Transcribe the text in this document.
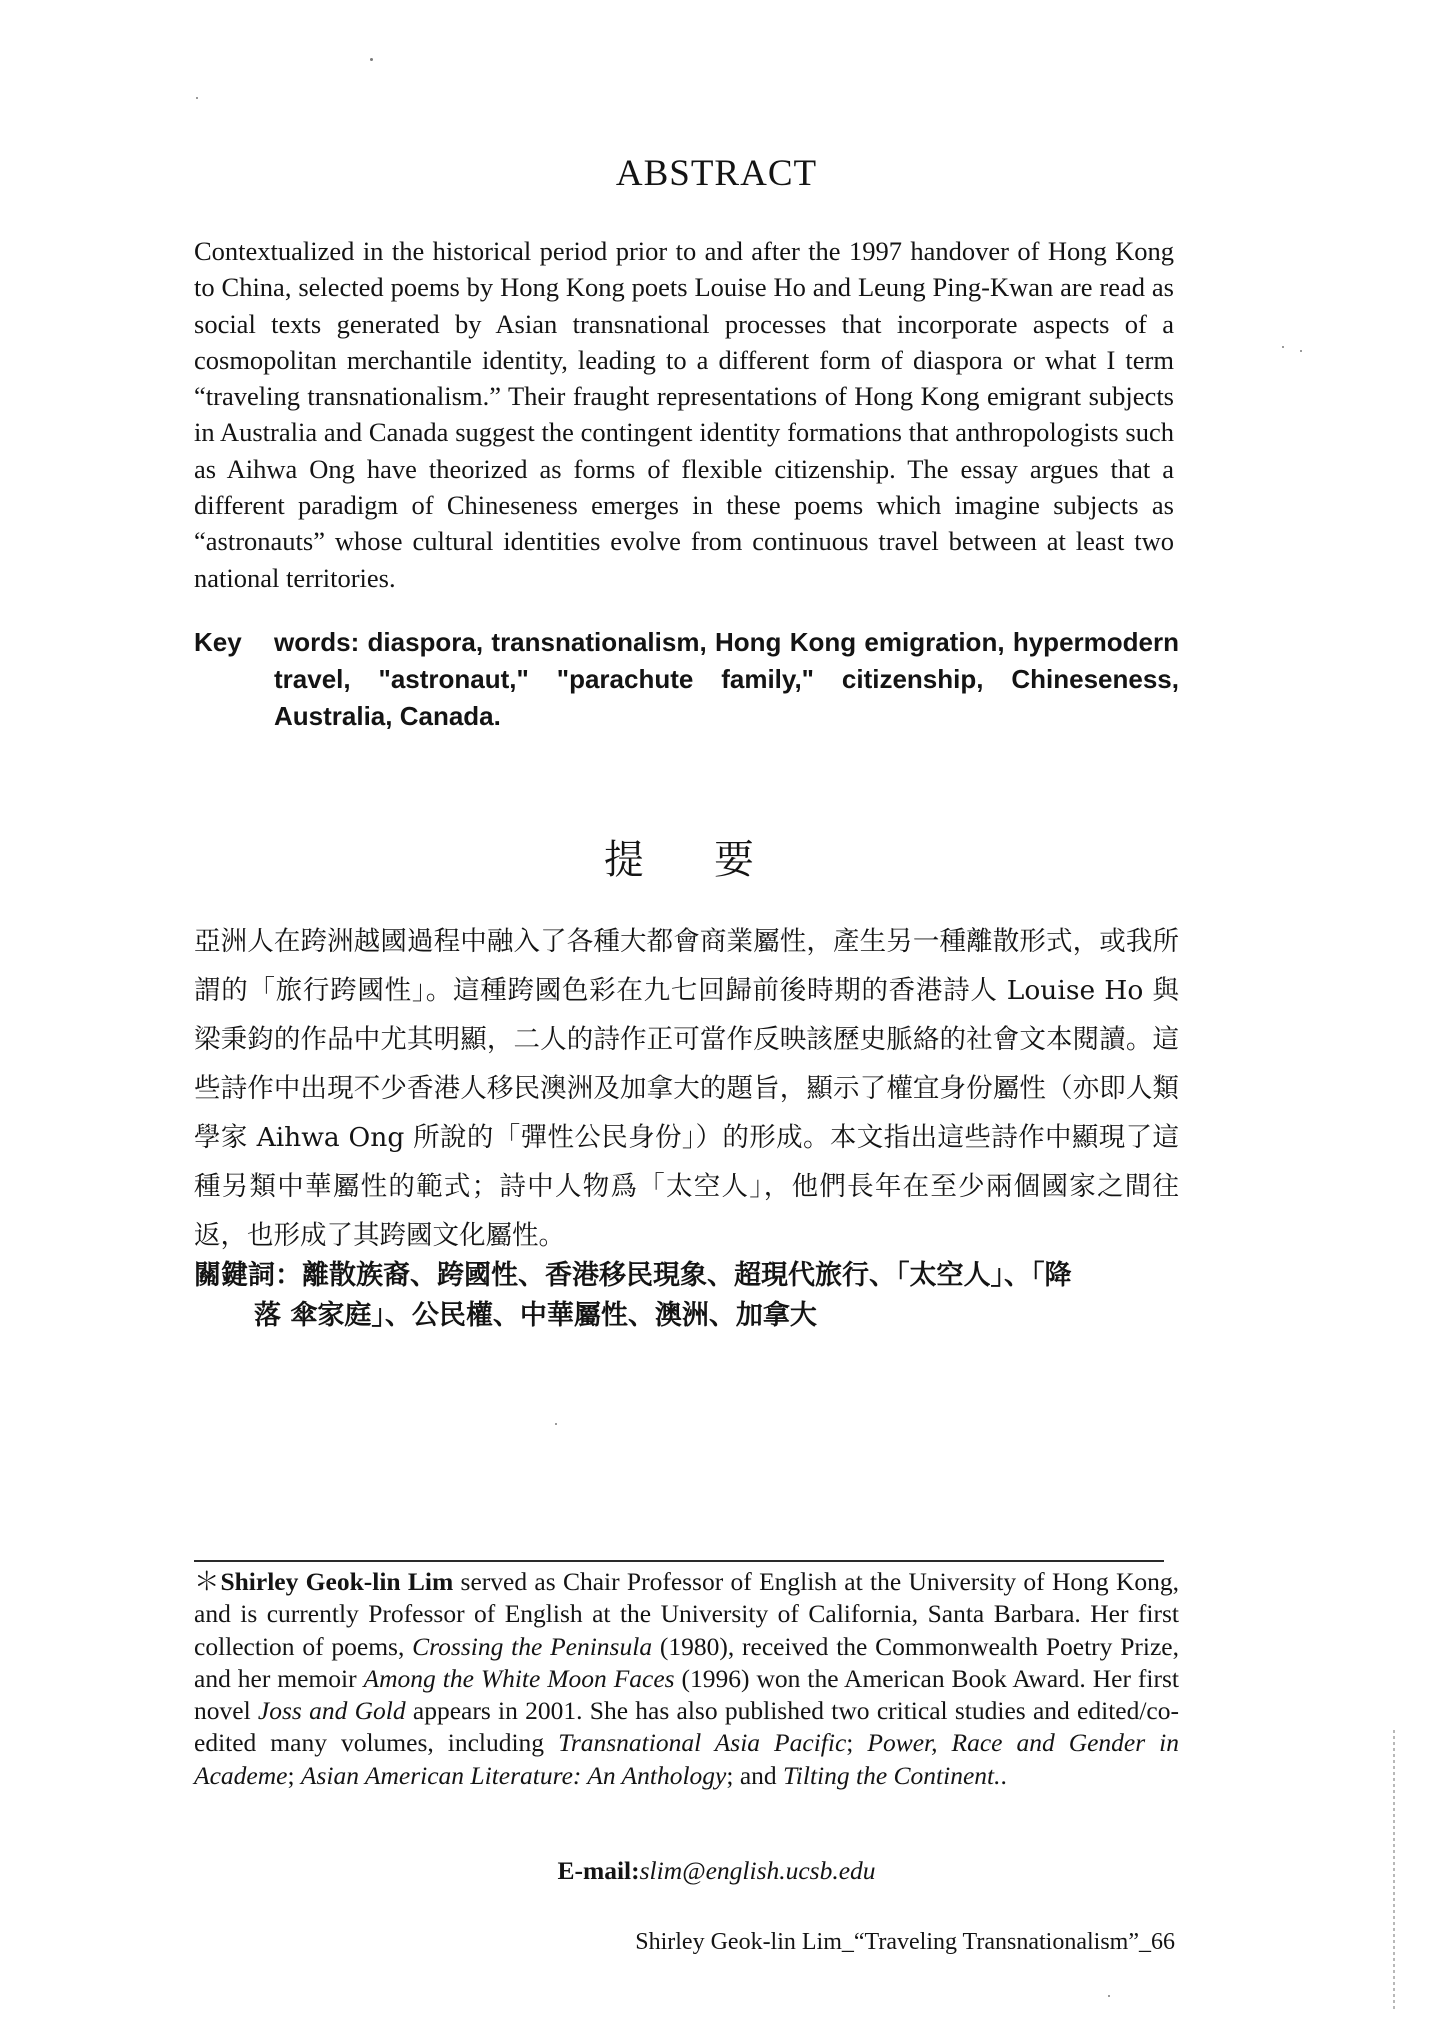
ABSTRACT
Contextualized in the historical period prior to and after the 1997 handover of Hong Kong to China, selected poems by Hong Kong poets Louise Ho and Leung Ping-Kwan are read as social texts generated by Asian transnational processes that incorporate aspects of a cosmopolitan merchantile identity, leading to a different form of diaspora or what I term “traveling transnationalism.” Their fraught representations of Hong Kong emigrant subjects in Australia and Canada suggest the contingent identity formations that anthropologists such as Aihwa Ong have theorized as forms of flexible citizenship. The essay argues that a different paradigm of Chineseness emerges in these poems which imagine subjects as “astronauts” whose cultural identities evolve from continuous travel between at least two national territories.
Key	words: diaspora, transnationalism, Hong Kong emigration, hypermodern travel, "astronaut," "parachute family," citizenship, Chineseness, Australia, Canada.
提 要
亞洲人在跨洲越國過程中融入了各種大都會商業屬性，產生另一種離散形式，或我所謂的「旅行跨國性」。這種跨國色彩在九七回歸前後時期的香港詩人 Louise Ho 與梁秉鈞的作品中尤其明顯，二人的詩作正可當作反映該歷史脈絡的社會文本閱讀。這些詩作中出現不少香港人移民澳洲及加拿大的題旨，顯示了權宜身份屬性（亦即人類學家 Aihwa Ong 所說的「彈性公民身份」）的形成。本文指出這些詩作中顯現了這種另類中華屬性的範式；詩中人物爲「太空人」，他們長年在至少兩個國家之間往返，也形成了其跨國文化屬性。
關鍵詞： 離散族裔、跨國性、香港移民現象、超現代旅行、「太空人」、「降
落 傘家庭」、公民權、中華屬性、澳洲、加拿大
＊Shirley Geok-lin Lim served as Chair Professor of English at the University of Hong Kong, and is currently Professor of English at the University of California, Santa Barbara. Her first collection of poems, Crossing the Peninsula (1980), received the Commonwealth Poetry Prize, and her memoir Among the White Moon Faces (1996) won the American Book Award. Her first novel Joss and Gold appears in 2001. She has also published two critical studies and edited/co-edited many volumes, including Transnational Asia Pacific; Power, Race and Gender in Academe; Asian American Literature: An Anthology; and Tilting the Continent..
E-mail:slim@english.ucsb.edu
Shirley Geok-lin Lim_“Traveling Transnationalism”_66
